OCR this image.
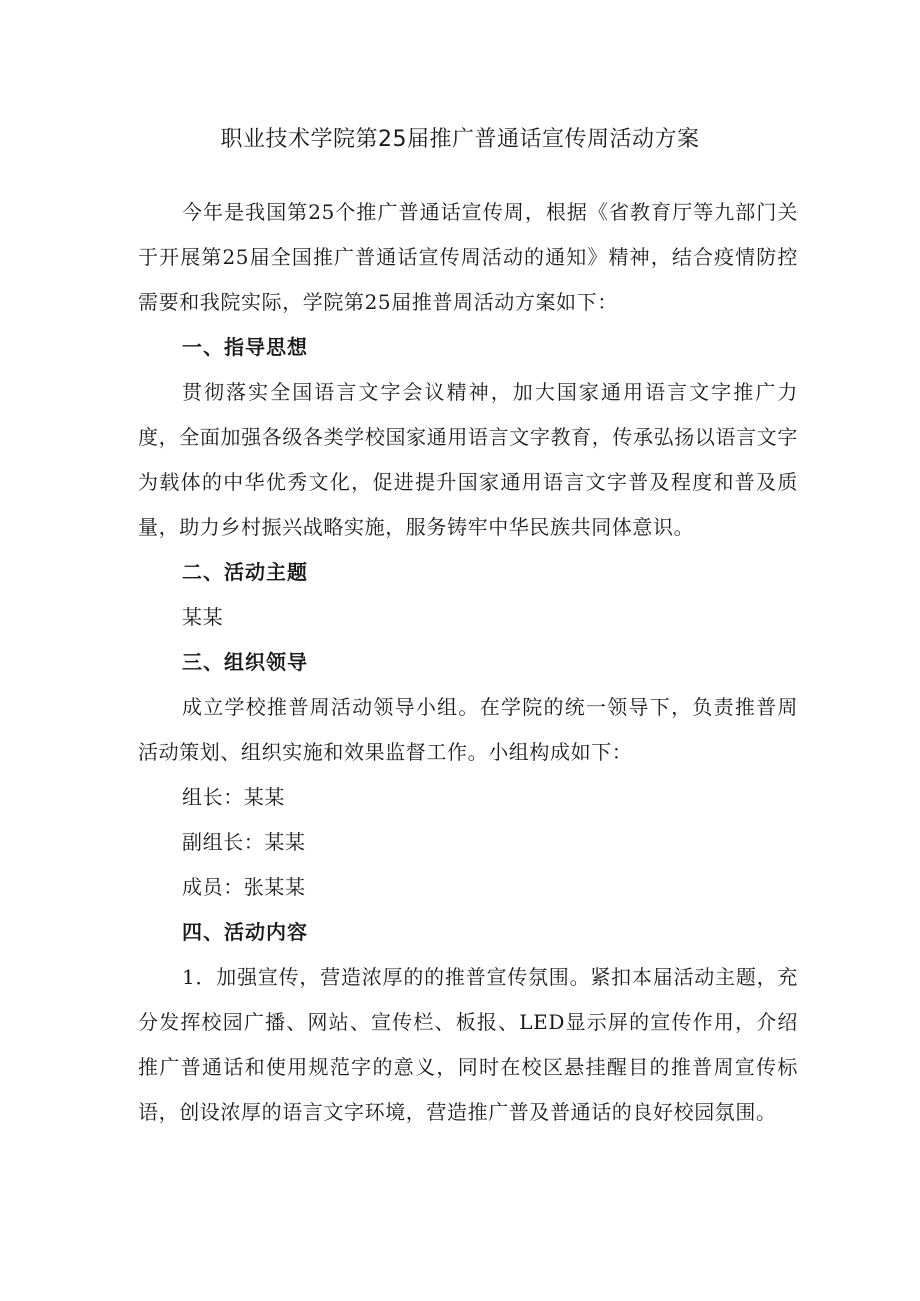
职业技术学院第25届推广普通话宣传周活动方案

今年是我国第25个推广普通话宣传周，根据《省教育厅等九部门关于开展第25届全国推广普通话宣传周活动的通知》精神，结合疫情防控需要和我院实际，学院第25届推普周活动方案如下：

一、指导思想

贯彻落实全国语言文字会议精神，加大国家通用语言文字推广力度，全面加强各级各类学校国家通用语言文字教育，传承弘扬以语言文字为载体的中华优秀文化，促进提升国家通用语言文字普及程度和普及质量，助力乡村振兴战略实施，服务铸牢中华民族共同体意识。

二、活动主题

某某

三、组织领导

成立学校推普周活动领导小组。在学院的统一领导下，负责推普周活动策划、组织实施和效果监督工作。小组构成如下：

组长：某某

副组长：某某

成员：张某某

四、活动内容

1．加强宣传，营造浓厚的的推普宣传氛围。紧扣本届活动主题，充分发挥校园广播、网站、宣传栏、板报、LED显示屏的宣传作用，介绍推广普通话和使用规范字的意义，同时在校区悬挂醒目的推普周宣传标语，创设浓厚的语言文字环境，营造推广普及普通话的良好校园氛围。
